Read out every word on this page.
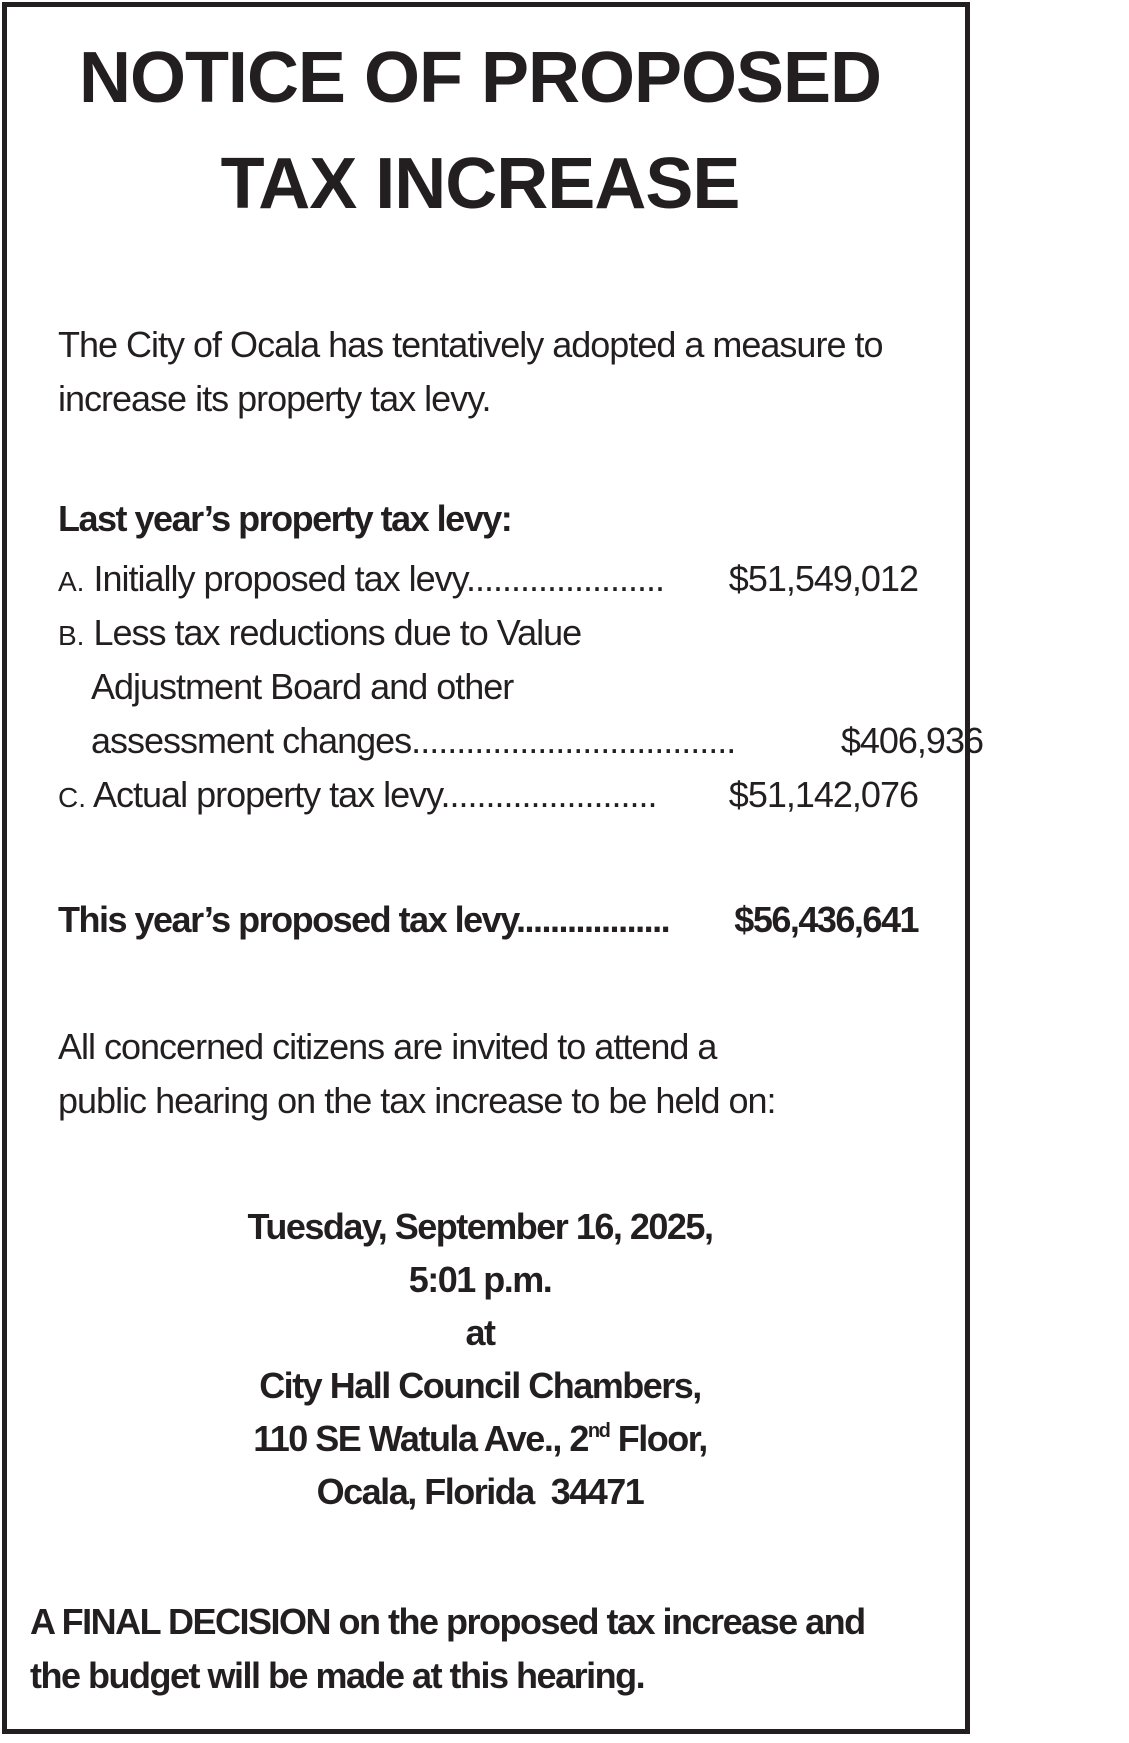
NOTICE OF PROPOSED
TAX INCREASE
The City of Ocala has tentatively adopted a measure to
increase its property tax levy.
Last year’s property tax levy:
A. Initially proposed tax levy...................... $51,549,012
B. Less tax reductions due to Value
Adjustment Board and other
assessment changes....................................	$406,936
C. Actual property tax levy........................ $51,142,076
This year’s proposed tax levy.................. $56,436,641
All concerned citizens are invited to attend a
public hearing on the tax increase to be held on:
Tuesday, September 16, 2025,
5:01 p.m.
at
City Hall Council Chambers,
110 SE Watula Ave., 2nd Floor,
Ocala, Florida  34471
A FINAL DECISION on the proposed tax increase and
the budget will be made at this hearing.
